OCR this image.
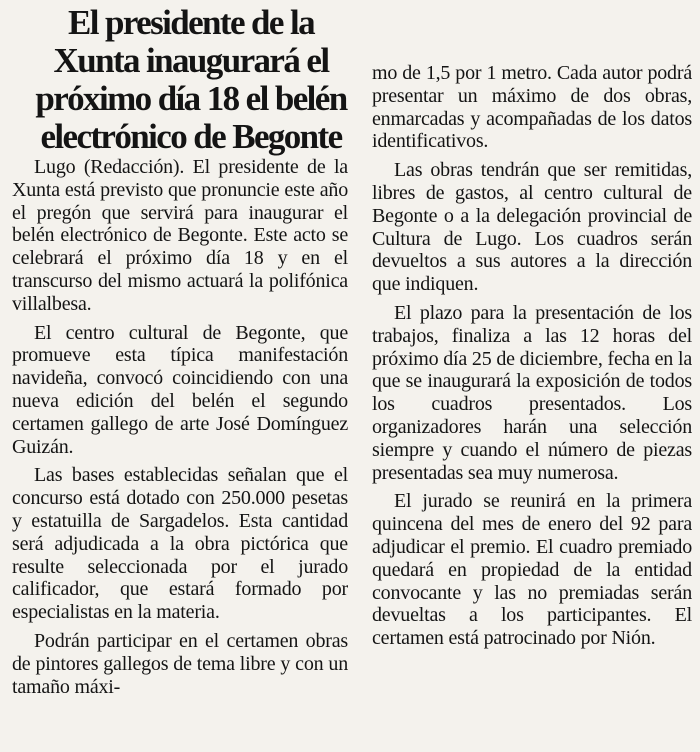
El presidente de la
Xunta inaugurará el
próximo día 18 el belén
electrónico de Begonte

Lugo (Redacción). El presidente de la Xunta está previsto que pronuncie este año el pregón que servirá para inaugurar el belén electrónico de Begonte. Este acto se celebrará el próximo día 18 y en el transcurso del mismo actuará la polifónica villalbesa.

El centro cultural de Begonte, que promueve esta típica manifestación navideña, convocó coincidiendo con una nueva edición del belén el segundo certamen gallego de arte José Domínguez Guizán.

Las bases establecidas señalan que el concurso está dotado con 250.000 pesetas y estatuilla de Sargadelos. Esta cantidad será adjudicada a la obra pictórica que resulte seleccionada por el jurado calificador, que estará formado por especialistas en la materia.

Podrán participar en el certamen obras de pintores gallegos de tema libre y con un tamaño máxi-

mo de 1,5 por 1 metro. Cada autor podrá presentar un máximo de dos obras, enmarcadas y acompañadas de los datos identificativos.

Las obras tendrán que ser remitidas, libres de gastos, al centro cultural de Begonte o a la delegación provincial de Cultura de Lugo. Los cuadros serán devueltos a sus autores a la dirección que indiquen.

El plazo para la presentación de los trabajos, finaliza a las 12 horas del próximo día 25 de diciembre, fecha en la que se inaugurará la exposición de todos los cuadros presentados. Los organizadores harán una selección siempre y cuando el número de piezas presentadas sea muy numerosa.

El jurado se reunirá en la primera quincena del mes de enero del 92 para adjudicar el premio. El cuadro premiado quedará en propiedad de la entidad convocante y las no premiadas serán devueltas a los participantes. El certamen está patrocinado por Nión.
